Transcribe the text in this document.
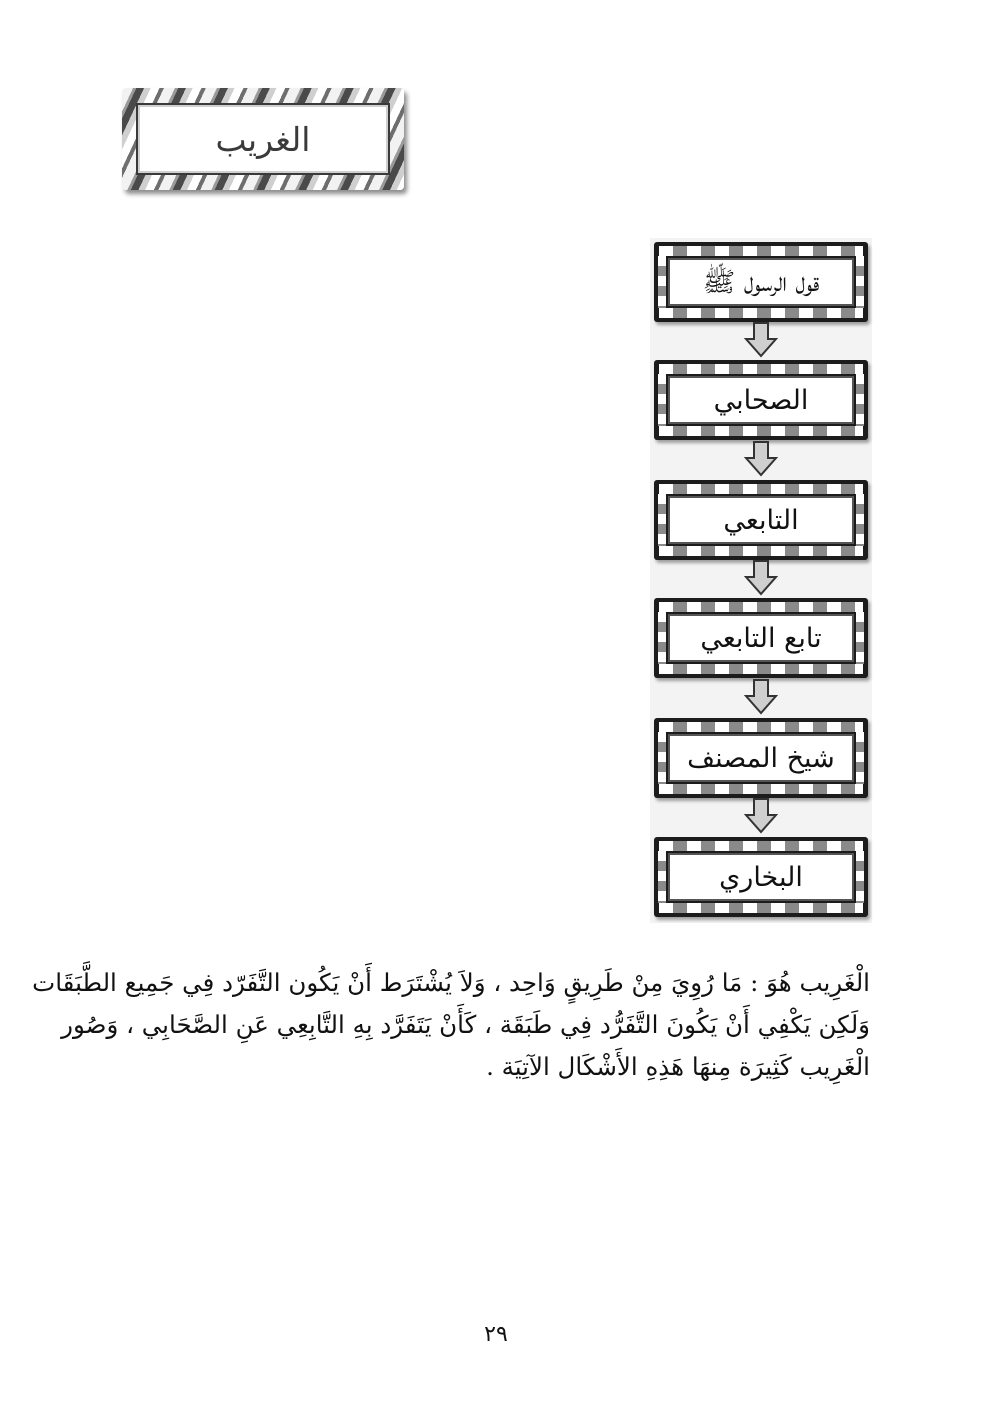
الغريب
قول الرسول ﷺ
الصحابي
التابعي
تابع التابعي
شيخ المصنف
البخاري
الْغَرِيب هُوَ : مَا رُوِيَ مِنْ طَرِيقٍ وَاحِد ، وَلاَ يُشْتَرَط أَنْ يَكُون التَّفَرّد فِي جَمِيع الطَّبَقَات
وَلَكِن يَكْفِي أَنْ يَكُونَ التَّفَرُّد فِي طَبَقَة ، كَأَنْ يَتَفَرَّد بِهِ التَّابِعِي عَنِ الصَّحَابِي ، وَصُور
الْغَرِيب كَثِيرَة مِنهَا هَذِهِ الأَشْكَال الآتِيَة .
٢٩
